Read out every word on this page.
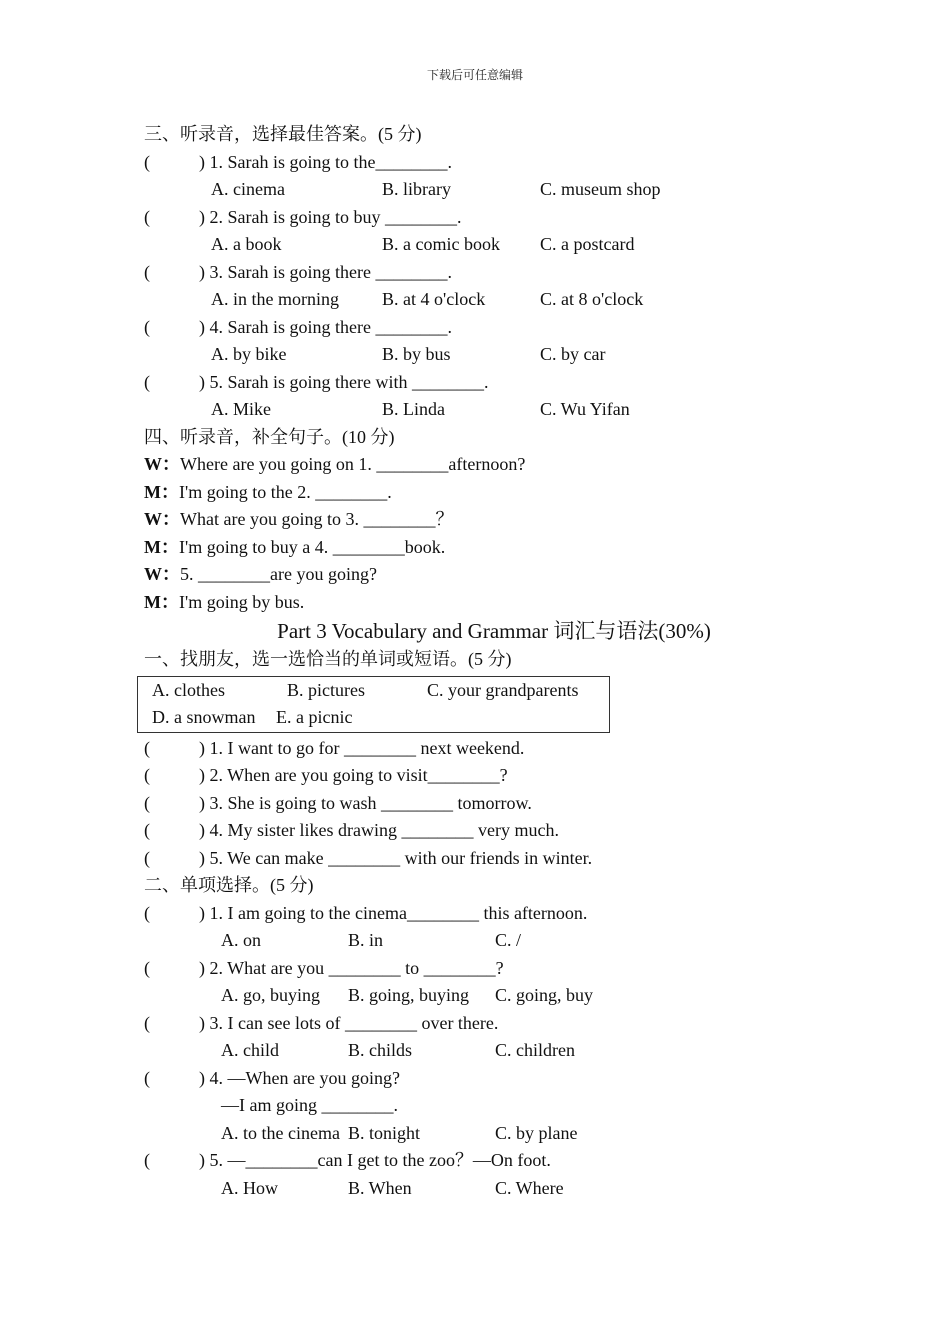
下载后可任意编辑
三、听录音，选择最佳答案。(5 分)
(	) 1. Sarah is going to the________.
A. cinema	B. library	C. museum shop
(	) 2. Sarah is going to buy ________.
A. a book	B. a comic book C. a postcard
(	) 3. Sarah is going there ________.
A. in the morning B. at 4 o'clock	C. at 8 o'clock
(	) 4. Sarah is going there ________.
A. by bike	B. by bus	C. by car
(	) 5. Sarah is going there with ________.
A. Mike	B. Linda	C. Wu Yifan
四、听录音，补全句子。(10 分)
W：Where are you going on 1. ________afternoon?
M：I'm going to the 2. ________.
W：What are you going to 3. ________？
M：I'm going to buy a 4. ________book.
W：5. ________are you going?
M：I'm going by bus.
Part 3 Vocabulary and Grammar 词汇与语法(30%)
一、找朋友，选一选恰当的单词或短语。(5 分)
A. clothes	B. pictures	C. your grandparents
D. a snowman E. a picnic
(	) 1. I want to go for ________ next weekend.
(	) 2. When are you going to visit________?
(	) 3. She is going to wash ________ tomorrow.
(	) 4. My sister likes drawing ________ very much.
(	) 5. We can make ________ with our friends in winter.
二、单项选择。(5 分)
(	) 1. I am going to the cinema________ this afternoon.
A. on	B. in	C. /
(	) 2. What are you ________ to ________?
A. go, buying B. going, buying C. going, buy
(	) 3. I can see lots of ________ over there.
A. child	B. childs	C. children
(	) 4. —When are you going?
—I am going ________.
A. to the cinema B. tonight	C. by plane
(	) 5. —________can I get to the zoo？—On foot.
A. How	B. When	C. Where
